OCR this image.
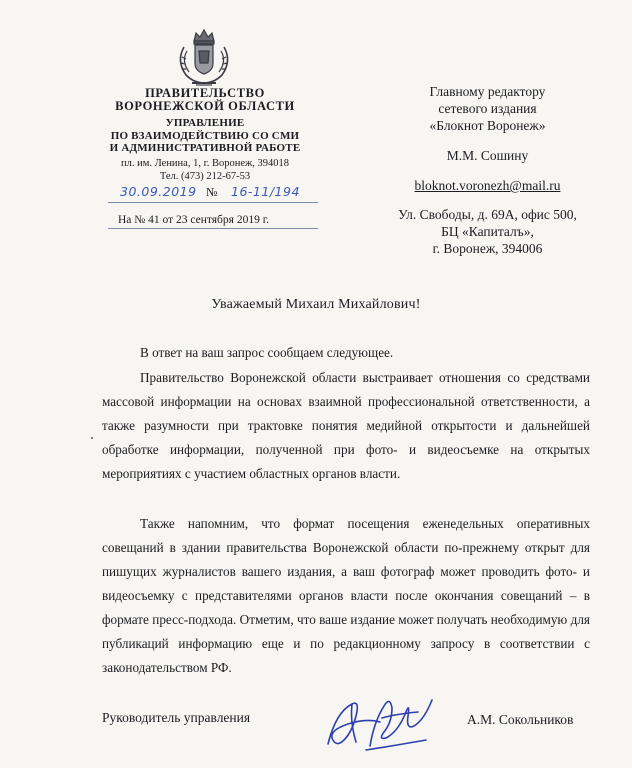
ПРАВИТЕЛЬСТВО
ВОРОНЕЖСКОЙ ОБЛАСТИ
УПРАВЛЕНИЕ
ПО ВЗАИМОДЕЙСТВИЮ СО СМИ
И АДМИНИСТРАТИВНОЙ РАБОТЕ
пл. им. Ленина, 1, г. Воронеж, 394018
Тел. (473) 212-67-53
30.09.2019 № 16-11/194
На № 41 от 23 сентября 2019 г.
Главному редактору
сетевого издания
«Блокнот Воронеж»
М.М. Сошину
bloknot.voronezh@mail.ru
Ул. Свободы, д. 69А, офис 500,
БЦ «Капиталъ»,
г. Воронеж, 394006
Уважаемый Михаил Михайлович!
В ответ на ваш запрос сообщаем следующее.
Правительство Воронежской области выстраивает отношения со средствами массовой информации на основах взаимной профессиональной ответственности, а также разумности при трактовке понятия медийной открытости и дальнейшей обработке информации, полученной при фото- и видеосъемке на открытых мероприятиях с участием областных органов власти.
Также напомним, что формат посещения еженедельных оперативных совещаний в здании правительства Воронежской области по-прежнему открыт для пишущих журналистов вашего издания, а ваш фотограф может проводить фото- и видеосъемку с представителями органов власти после окончания совещаний – в формате пресс-подхода. Отметим, что ваше издание может получать необходимую для публикаций информацию еще и по редакционному запросу в соответствии с законодательством РФ.
Руководитель управления	А.М. Сокольников
